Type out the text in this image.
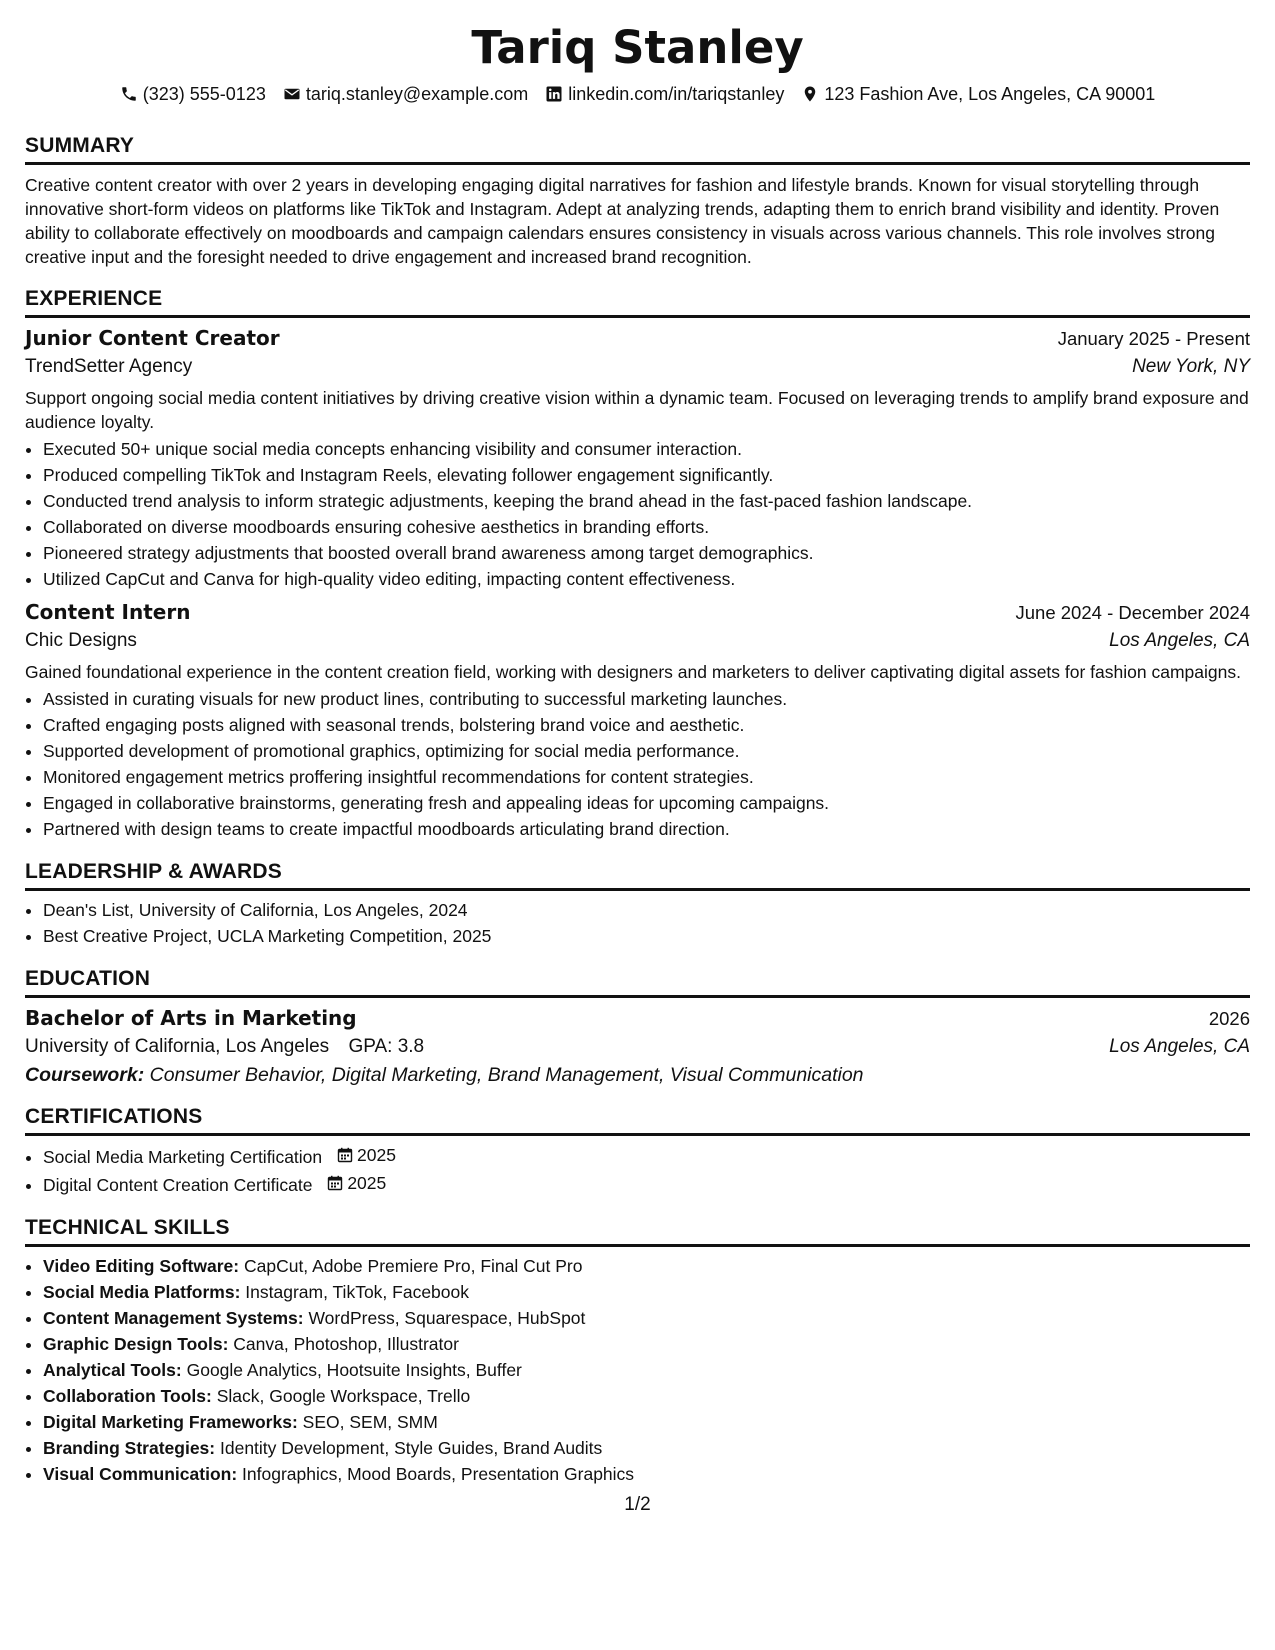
Tariq Stanley
(323) 555-0123 tariq.stanley@example.com linkedin.com/in/tariqstanley 123 Fashion Ave, Los Angeles, CA 90001
SUMMARY

Creative content creator with over 2 years in developing engaging digital narratives for fashion and lifestyle brands. Known for visual storytelling through innovative short-form videos on platforms like TikTok and Instagram. Adept at analyzing trends, adapting them to enrich brand visibility and identity. Proven ability to collaborate effectively on moodboards and campaign calendars ensures consistency in visuals across various channels. This role involves strong creative input and the foresight needed to drive engagement and increased brand recognition.

EXPERIENCE
Junior Content Creator	January 2025 - Present
TrendSetter Agency	New York, NY
Support ongoing social media content initiatives by driving creative vision within a dynamic team. Focused on leveraging trends to amplify brand exposure and audience loyalty.
• Executed 50+ unique social media concepts enhancing visibility and consumer interaction.
• Produced compelling TikTok and Instagram Reels, elevating follower engagement significantly.
• Conducted trend analysis to inform strategic adjustments, keeping the brand ahead in the fast-paced fashion landscape.
• Collaborated on diverse moodboards ensuring cohesive aesthetics in branding efforts.
• Pioneered strategy adjustments that boosted overall brand awareness among target demographics.
• Utilized CapCut and Canva for high-quality video editing, impacting content effectiveness.
Content Intern	June 2024 - December 2024
Chic Designs	Los Angeles, CA
Gained foundational experience in the content creation field, working with designers and marketers to deliver captivating digital assets for fashion campaigns.
• Assisted in curating visuals for new product lines, contributing to successful marketing launches.
• Crafted engaging posts aligned with seasonal trends, bolstering brand voice and aesthetic.
• Supported development of promotional graphics, optimizing for social media performance.
• Monitored engagement metrics proffering insightful recommendations for content strategies.
• Engaged in collaborative brainstorms, generating fresh and appealing ideas for upcoming campaigns.
• Partnered with design teams to create impactful moodboards articulating brand direction.
LEADERSHIP & AWARDS
• Dean's List, University of California, Los Angeles, 2024
• Best Creative Project, UCLA Marketing Competition, 2025
EDUCATION
Bachelor of Arts in Marketing	2026
University of California, Los Angeles GPA: 3.8	Los Angeles, CA
Coursework: Consumer Behavior, Digital Marketing, Brand Management, Visual Communication
CERTIFICATIONS
• Social Media Marketing Certification 2025
• Digital Content Creation Certificate 2025
TECHNICAL SKILLS
• Video Editing Software: CapCut, Adobe Premiere Pro, Final Cut Pro
• Social Media Platforms: Instagram, TikTok, Facebook
• Content Management Systems: WordPress, Squarespace, HubSpot
• Graphic Design Tools: Canva, Photoshop, Illustrator
• Analytical Tools: Google Analytics, Hootsuite Insights, Buffer
• Collaboration Tools: Slack, Google Workspace, Trello
• Digital Marketing Frameworks: SEO, SEM, SMM
• Branding Strategies: Identity Development, Style Guides, Brand Audits
• Visual Communication: Infographics, Mood Boards, Presentation Graphics
1/2
